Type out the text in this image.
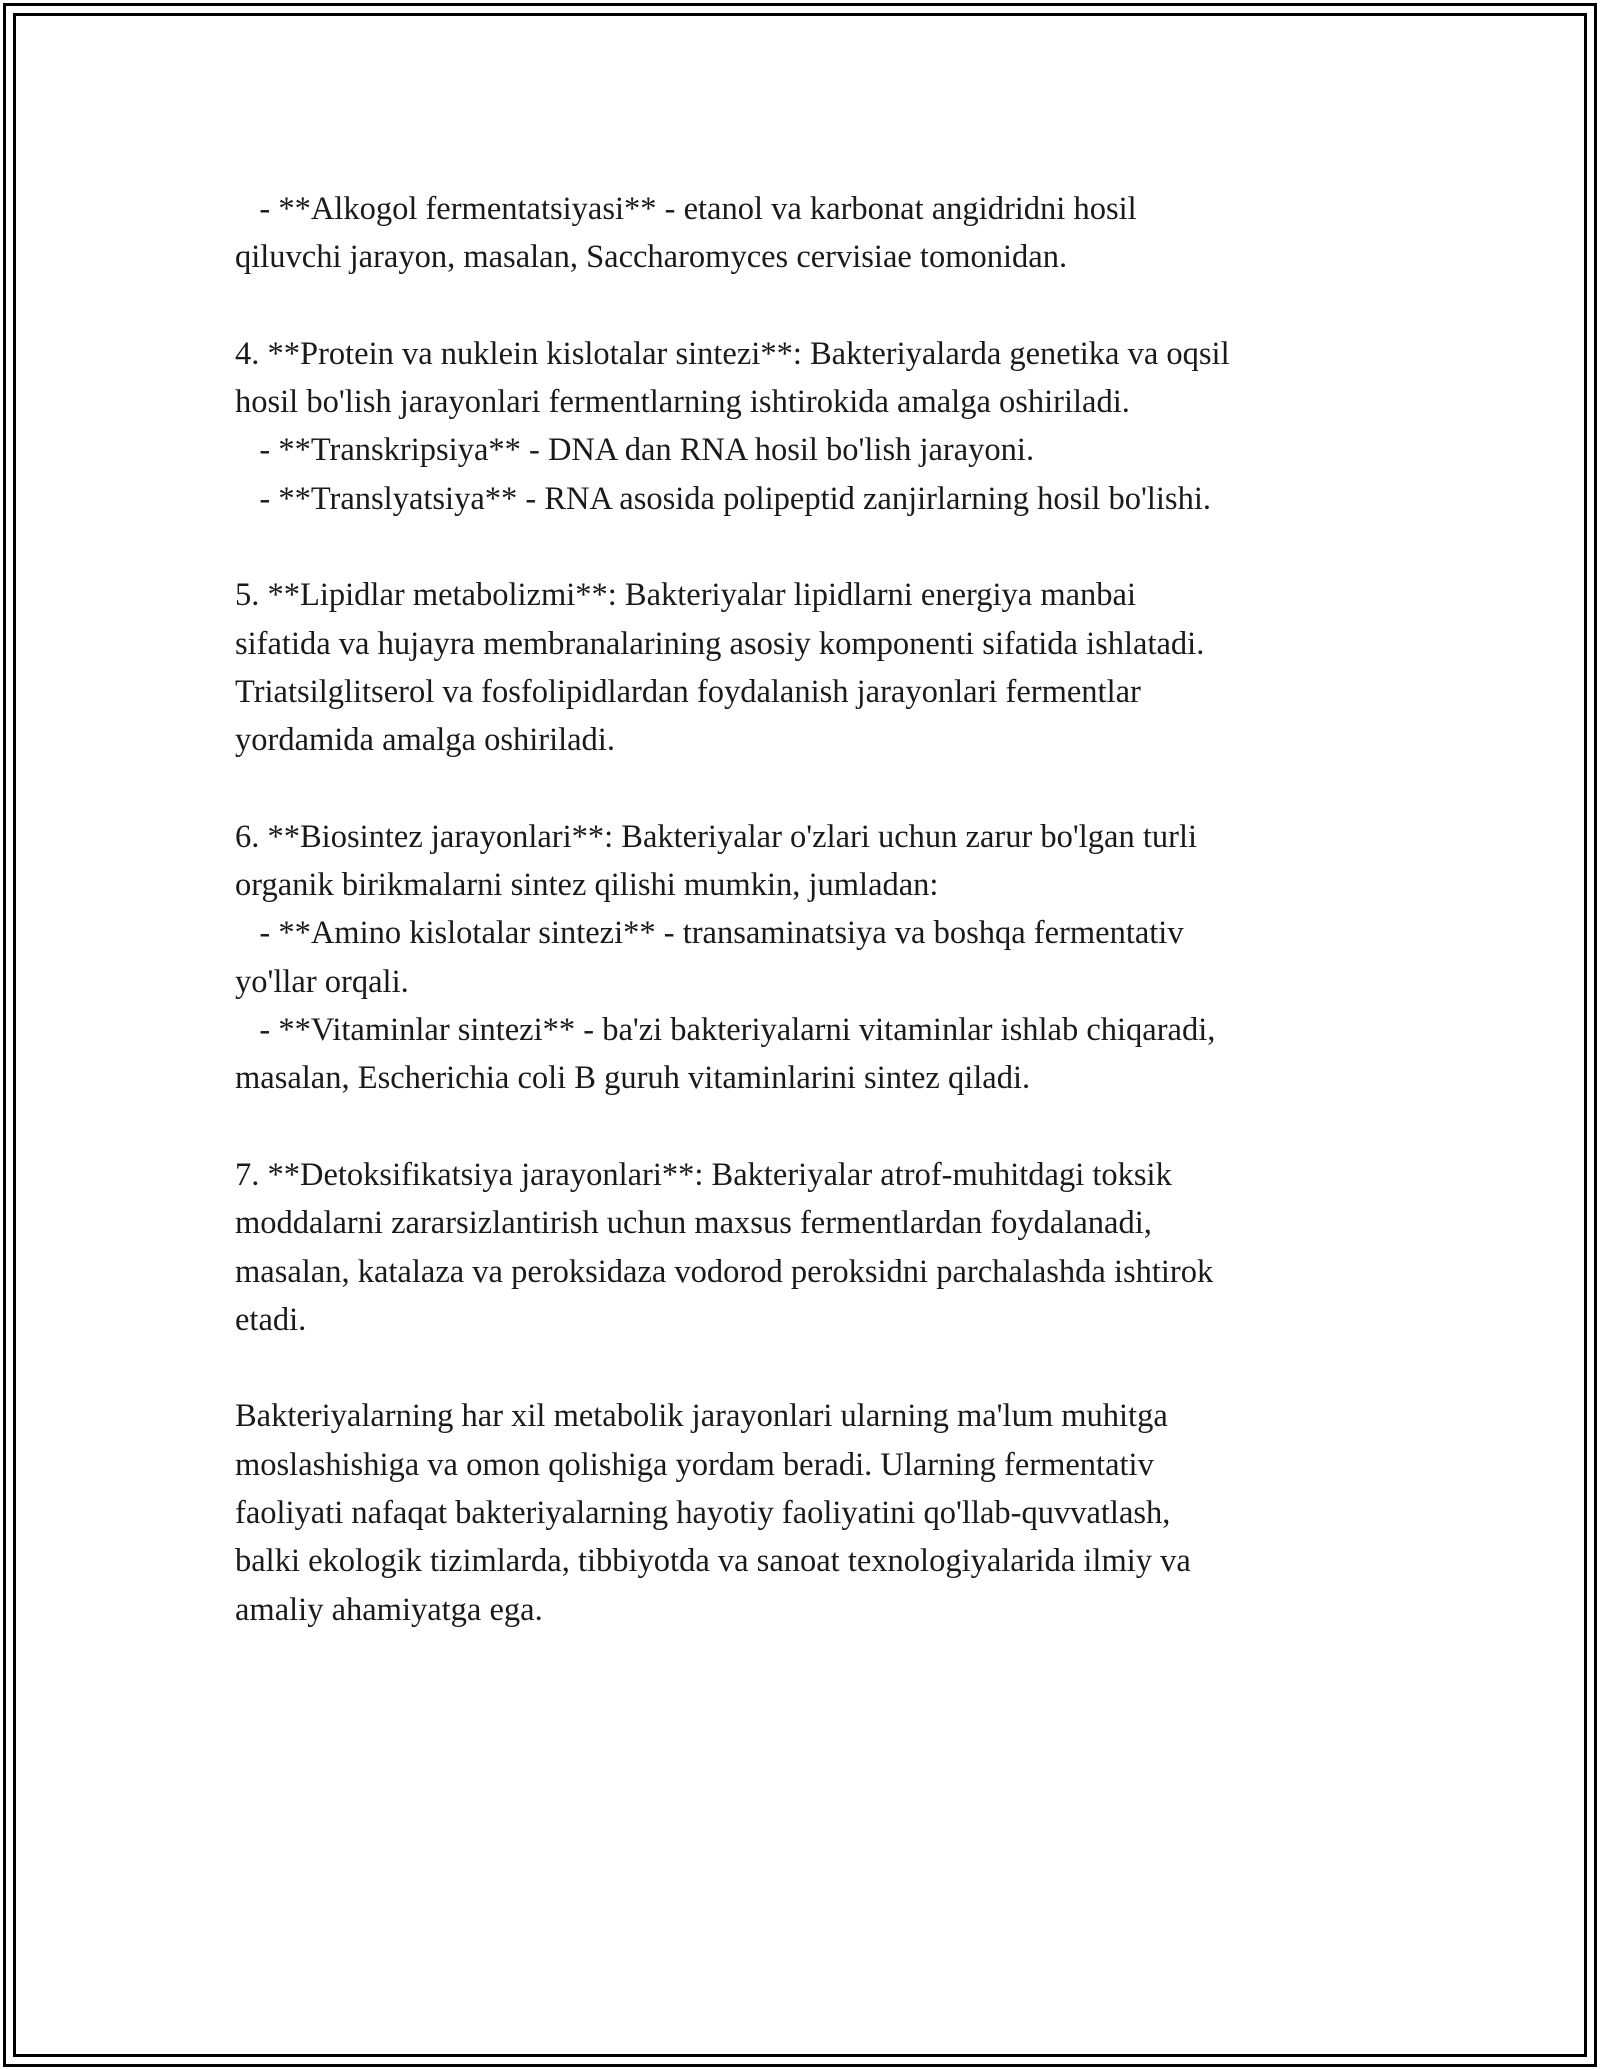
- **Alkogol fermentatsiyasi** - etanol va karbonat angidridni hosil
qiluvchi jarayon, masalan, Saccharomyces cervisiae tomonidan.
4. **Protein va nuklein kislotalar sintezi**: Bakteriyalarda genetika va oqsil
hosil bo'lish jarayonlari fermentlarning ishtirokida amalga oshiriladi.
- **Transkripsiya** - DNA dan RNA hosil bo'lish jarayoni.
- **Translyatsiya** - RNA asosida polipeptid zanjirlarning hosil bo'lishi.
5. **Lipidlar metabolizmi**: Bakteriyalar lipidlarni energiya manbai
sifatida va hujayra membranalarining asosiy komponenti sifatida ishlatadi.
Triatsilglitserol va fosfolipidlardan foydalanish jarayonlari fermentlar
yordamida amalga oshiriladi.
6. **Biosintez jarayonlari**: Bakteriyalar o'zlari uchun zarur bo'lgan turli
organik birikmalarni sintez qilishi mumkin, jumladan:
- **Amino kislotalar sintezi** - transaminatsiya va boshqa fermentativ
yo'llar orqali.
- **Vitaminlar sintezi** - ba'zi bakteriyalarni vitaminlar ishlab chiqaradi,
masalan, Escherichia coli B guruh vitaminlarini sintez qiladi.
7. **Detoksifikatsiya jarayonlari**: Bakteriyalar atrof-muhitdagi toksik
moddalarni zararsizlantirish uchun maxsus fermentlardan foydalanadi,
masalan, katalaza va peroksidaza vodorod peroksidni parchalashda ishtirok
etadi.
Bakteriyalarning har xil metabolik jarayonlari ularning ma'lum muhitga
moslashishiga va omon qolishiga yordam beradi. Ularning fermentativ
faoliyati nafaqat bakteriyalarning hayotiy faoliyatini qo'llab-quvvatlash,
balki ekologik tizimlarda, tibbiyotda va sanoat texnologiyalarida ilmiy va
amaliy ahamiyatga ega.
